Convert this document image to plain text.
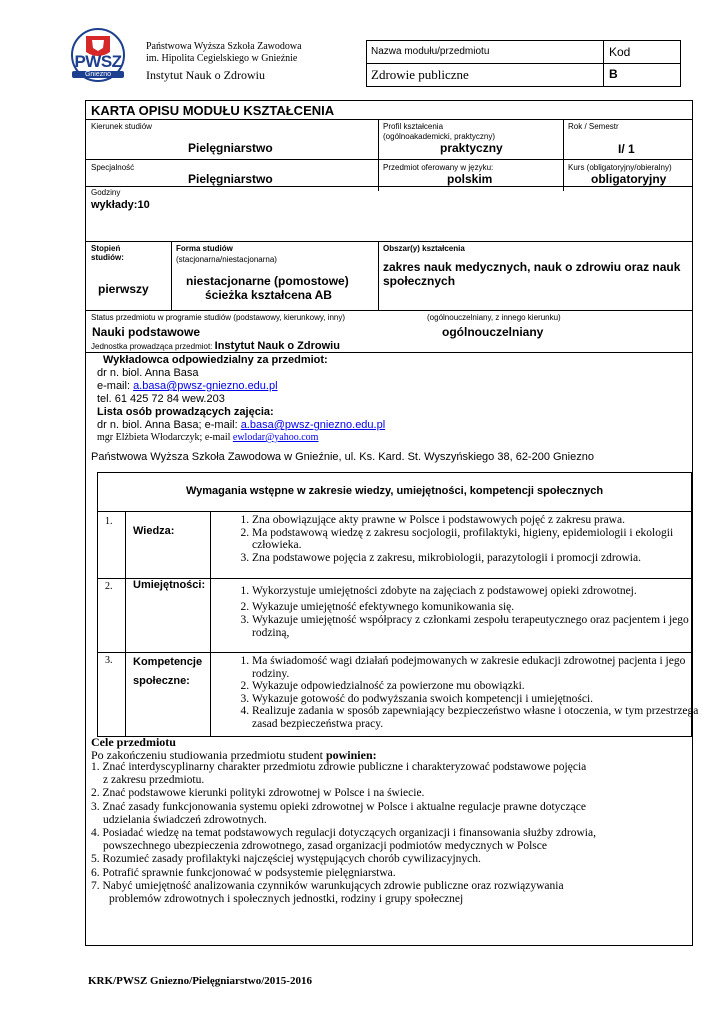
PWSZ
Gniezno
Państwowa Wyższa Szkoła Zawodowa
im. Hipolita Cegielskiego w Gnieźnie
Instytut Nauk o Zdrowiu
Nazwa modułu/przedmiotu	Kod
Zdrowie publiczne	B
KARTA OPISU MODUŁU KSZTAŁCENIA
Kierunek studiów
Pielęgniarstwo
Profil kształcenia
(ogólnoakademicki, praktyczny)
praktyczny
Rok / Semestr
I/ 1
Specjalność
Pielęgniarstwo
Przedmiot oferowany w języku:
polskim
Kurs (obligatoryjny/obieralny)
obligatoryjny
Godziny
wykłady:10
Stopień studiów:
pierwszy
Forma studiów
(stacjonarna/niestacjonarna)
niestacjonarne (pomostowe)
ścieżka kształcena AB
Obszar(y) kształcenia
zakres nauk medycznych, nauk o zdrowiu oraz nauk społecznych
Status przedmiotu w programie studiów (podstawowy, kierunkowy, inny)
Nauki podstawowe
(ogólnouczelniany, z innego kierunku)
ogólnouczelniany
Jednostka prowadząca przedmiot: Instytut Nauk o Zdrowiu
Wykładowca odpowiedzialny za przedmiot:
dr n. biol. Anna Basa
e-mail: a.basa@pwsz-gniezno.edu.pl
tel. 61 425 72 84 wew.203
Lista osób prowadzących zajęcia:
dr n. biol. Anna Basa; e-mail: a.basa@pwsz-gniezno.edu.pl
mgr Elżbieta Włodarczyk; e-mail ewlodar@yahoo.com
Państwowa Wyższa Szkoła Zawodowa w Gnieźnie, ul. Ks. Kard. St. Wyszyńskiego 38, 62-200 Gniezno
Wymagania wstępne w zakresie wiedzy, umiejętności, kompetencji społecznych
1.
Wiedza:
1. Zna obowiązujące akty prawne w Polsce i podstawowych pojęć z zakresu prawa.
2. Ma podstawową wiedzę z zakresu socjologii, profilaktyki, higieny, epidemiologii i ekologii człowieka.
3. Zna podstawowe pojęcia z zakresu, mikrobiologii, parazytologii i promocji zdrowia.
2. Umiejętności:
1.	Wykorzystuje umiejętności zdobyte na zajęciach z podstawowej opieki zdrowotnej.
2. Wykazuje umiejętność efektywnego komunikowania się.
3. Wykazuje umiejętność współpracy z członkami zespołu terapeutycznego oraz pacjentem i jego rodziną,
3. Kompetencje
społeczne:
1. Ma świadomość wagi działań podejmowanych w zakresie edukacji zdrowotnej pacjenta i jego rodziny.
2. Wykazuje odpowiedzialność za powierzone mu obowiązki.
3. Wykazuje gotowość do podwyższania swoich kompetencji i umiejętności.
4. Realizuje zadania w sposób zapewniający bezpieczeństwo własne i otoczenia, w tym przestrzega zasad bezpieczeństwa pracy.
Cele przedmiotu
Po zakończeniu studiowania przedmiotu student powinien:
1. Znać interdyscyplinarny charakter przedmiotu zdrowie publiczne i charakteryzować podstawowe pojęcia
z zakresu przedmiotu.
2. Znać podstawowe kierunki polityki zdrowotnej w Polsce i na świecie.
3. Znać zasady funkcjonowania systemu opieki zdrowotnej w Polsce i aktualne regulacje prawne dotyczące
udzielania świadczeń zdrowotnych.
4. Posiadać wiedzę na temat podstawowych regulacji dotyczących organizacji i finansowania służby zdrowia,
powszechnego ubezpieczenia zdrowotnego, zasad organizacji podmiotów medycznych w Polsce
5. Rozumieć zasady profilaktyki najczęściej występujących chorób cywilizacyjnych.
6. Potrafić sprawnie funkcjonować w podsystemie pielęgniarstwa.
7. Nabyć umiejętność analizowania czynników warunkujących zdrowie publiczne oraz rozwiązywania
problemów zdrowotnych i społecznych jednostki, rodziny i grupy społecznej
KRK/PWSZ Gniezno/Pielęgniarstwo/2015-2016
